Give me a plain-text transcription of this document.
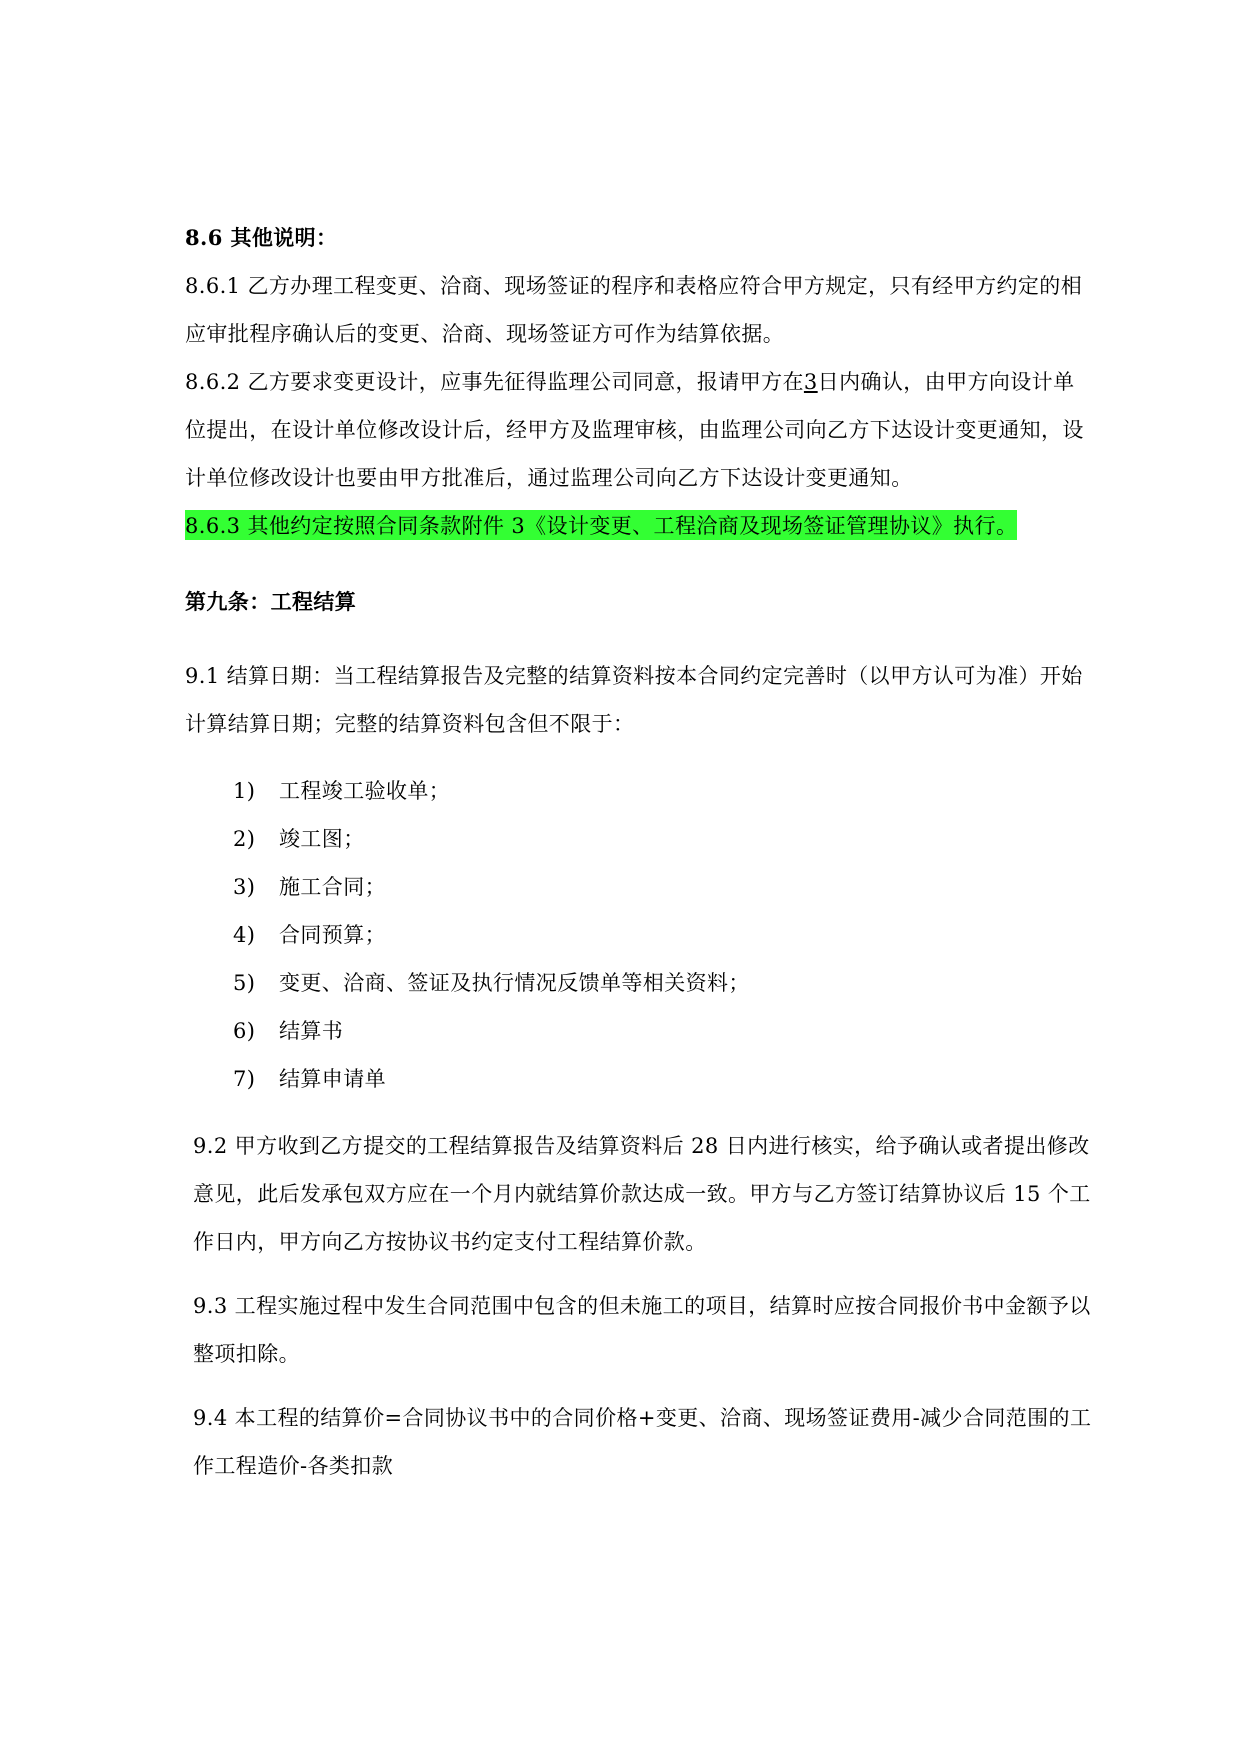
8.6 其他说明：
8.6.1 乙方办理工程变更、洽商、现场签证的程序和表格应符合甲方规定，只有经甲方约定的相
应审批程序确认后的变更、洽商、现场签证方可作为结算依据。
8.6.2 乙方要求变更设计，应事先征得监理公司同意，报请甲方在3日内确认，由甲方向设计单
位提出，在设计单位修改设计后，经甲方及监理审核，由监理公司向乙方下达设计变更通知，设
计单位修改设计也要由甲方批准后，通过监理公司向乙方下达设计变更通知。
8.6.3 其他约定按照合同条款附件 3《设计变更、工程洽商及现场签证管理协议》执行。
第九条：工程结算
9.1 结算日期：当工程结算报告及完整的结算资料按本合同约定完善时（以甲方认可为准）开始
计算结算日期；完整的结算资料包含但不限于：
1) 工程竣工验收单；
2) 竣工图；
3) 施工合同；
4) 合同预算；
5) 变更、洽商、签证及执行情况反馈单等相关资料；
6) 结算书
7) 结算申请单
9.2 甲方收到乙方提交的工程结算报告及结算资料后 28 日内进行核实，给予确认或者提出修改
意见，此后发承包双方应在一个月内就结算价款达成一致。甲方与乙方签订结算协议后 15 个工
作日内，甲方向乙方按协议书约定支付工程结算价款。
9.3 工程实施过程中发生合同范围中包含的但未施工的项目，结算时应按合同报价书中金额予以
整项扣除。
9.4 本工程的结算价=合同协议书中的合同价格+变更、洽商、现场签证费用-减少合同范围的工
作工程造价-各类扣款
